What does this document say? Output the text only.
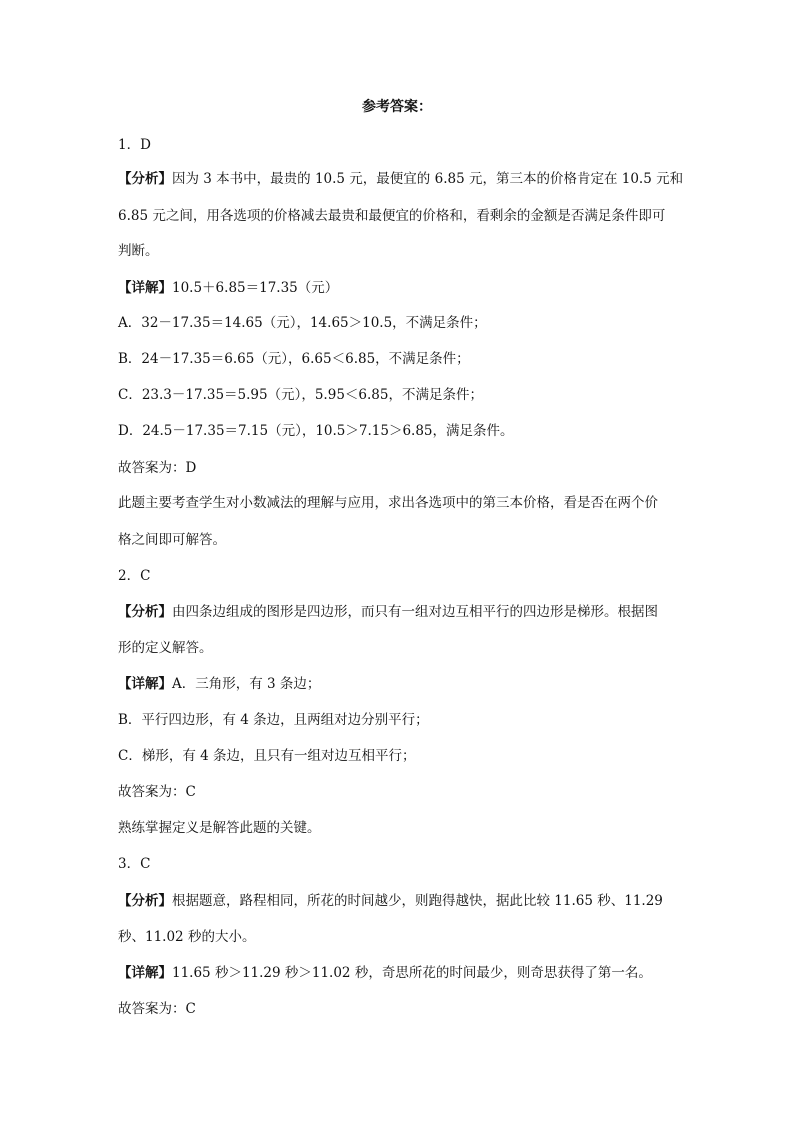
参考答案：
1．D
【分析】因为 3 本书中，最贵的 10.5 元，最便宜的 6.85 元，第三本的价格肯定在 10.5 元和
6.85 元之间，用各选项的价格减去最贵和最便宜的价格和，看剩余的金额是否满足条件即可
判断。
【详解】10.5＋6.85＝17.35（元）
A．32－17.35＝14.65（元），14.65＞10.5，不满足条件；
B．24－17.35＝6.65（元），6.65＜6.85，不满足条件；
C．23.3－17.35＝5.95（元），5.95＜6.85，不满足条件；
D．24.5－17.35＝7.15（元），10.5＞7.15＞6.85，满足条件。
故答案为：D
此题主要考查学生对小数减法的理解与应用，求出各选项中的第三本价格，看是否在两个价
格之间即可解答。
2．C
【分析】由四条边组成的图形是四边形，而只有一组对边互相平行的四边形是梯形。根据图
形的定义解答。
【详解】A．三角形，有 3 条边；
B．平行四边形，有 4 条边，且两组对边分别平行；
C．梯形，有 4 条边，且只有一组对边互相平行；
故答案为：C
熟练掌握定义是解答此题的关键。
3．C
【分析】根据题意，路程相同，所花的时间越少，则跑得越快，据此比较 11.65 秒、11.29
秒、11.02 秒的大小。
【详解】11.65 秒＞11.29 秒＞11.02 秒，奇思所花的时间最少，则奇思获得了第一名。
故答案为：C
